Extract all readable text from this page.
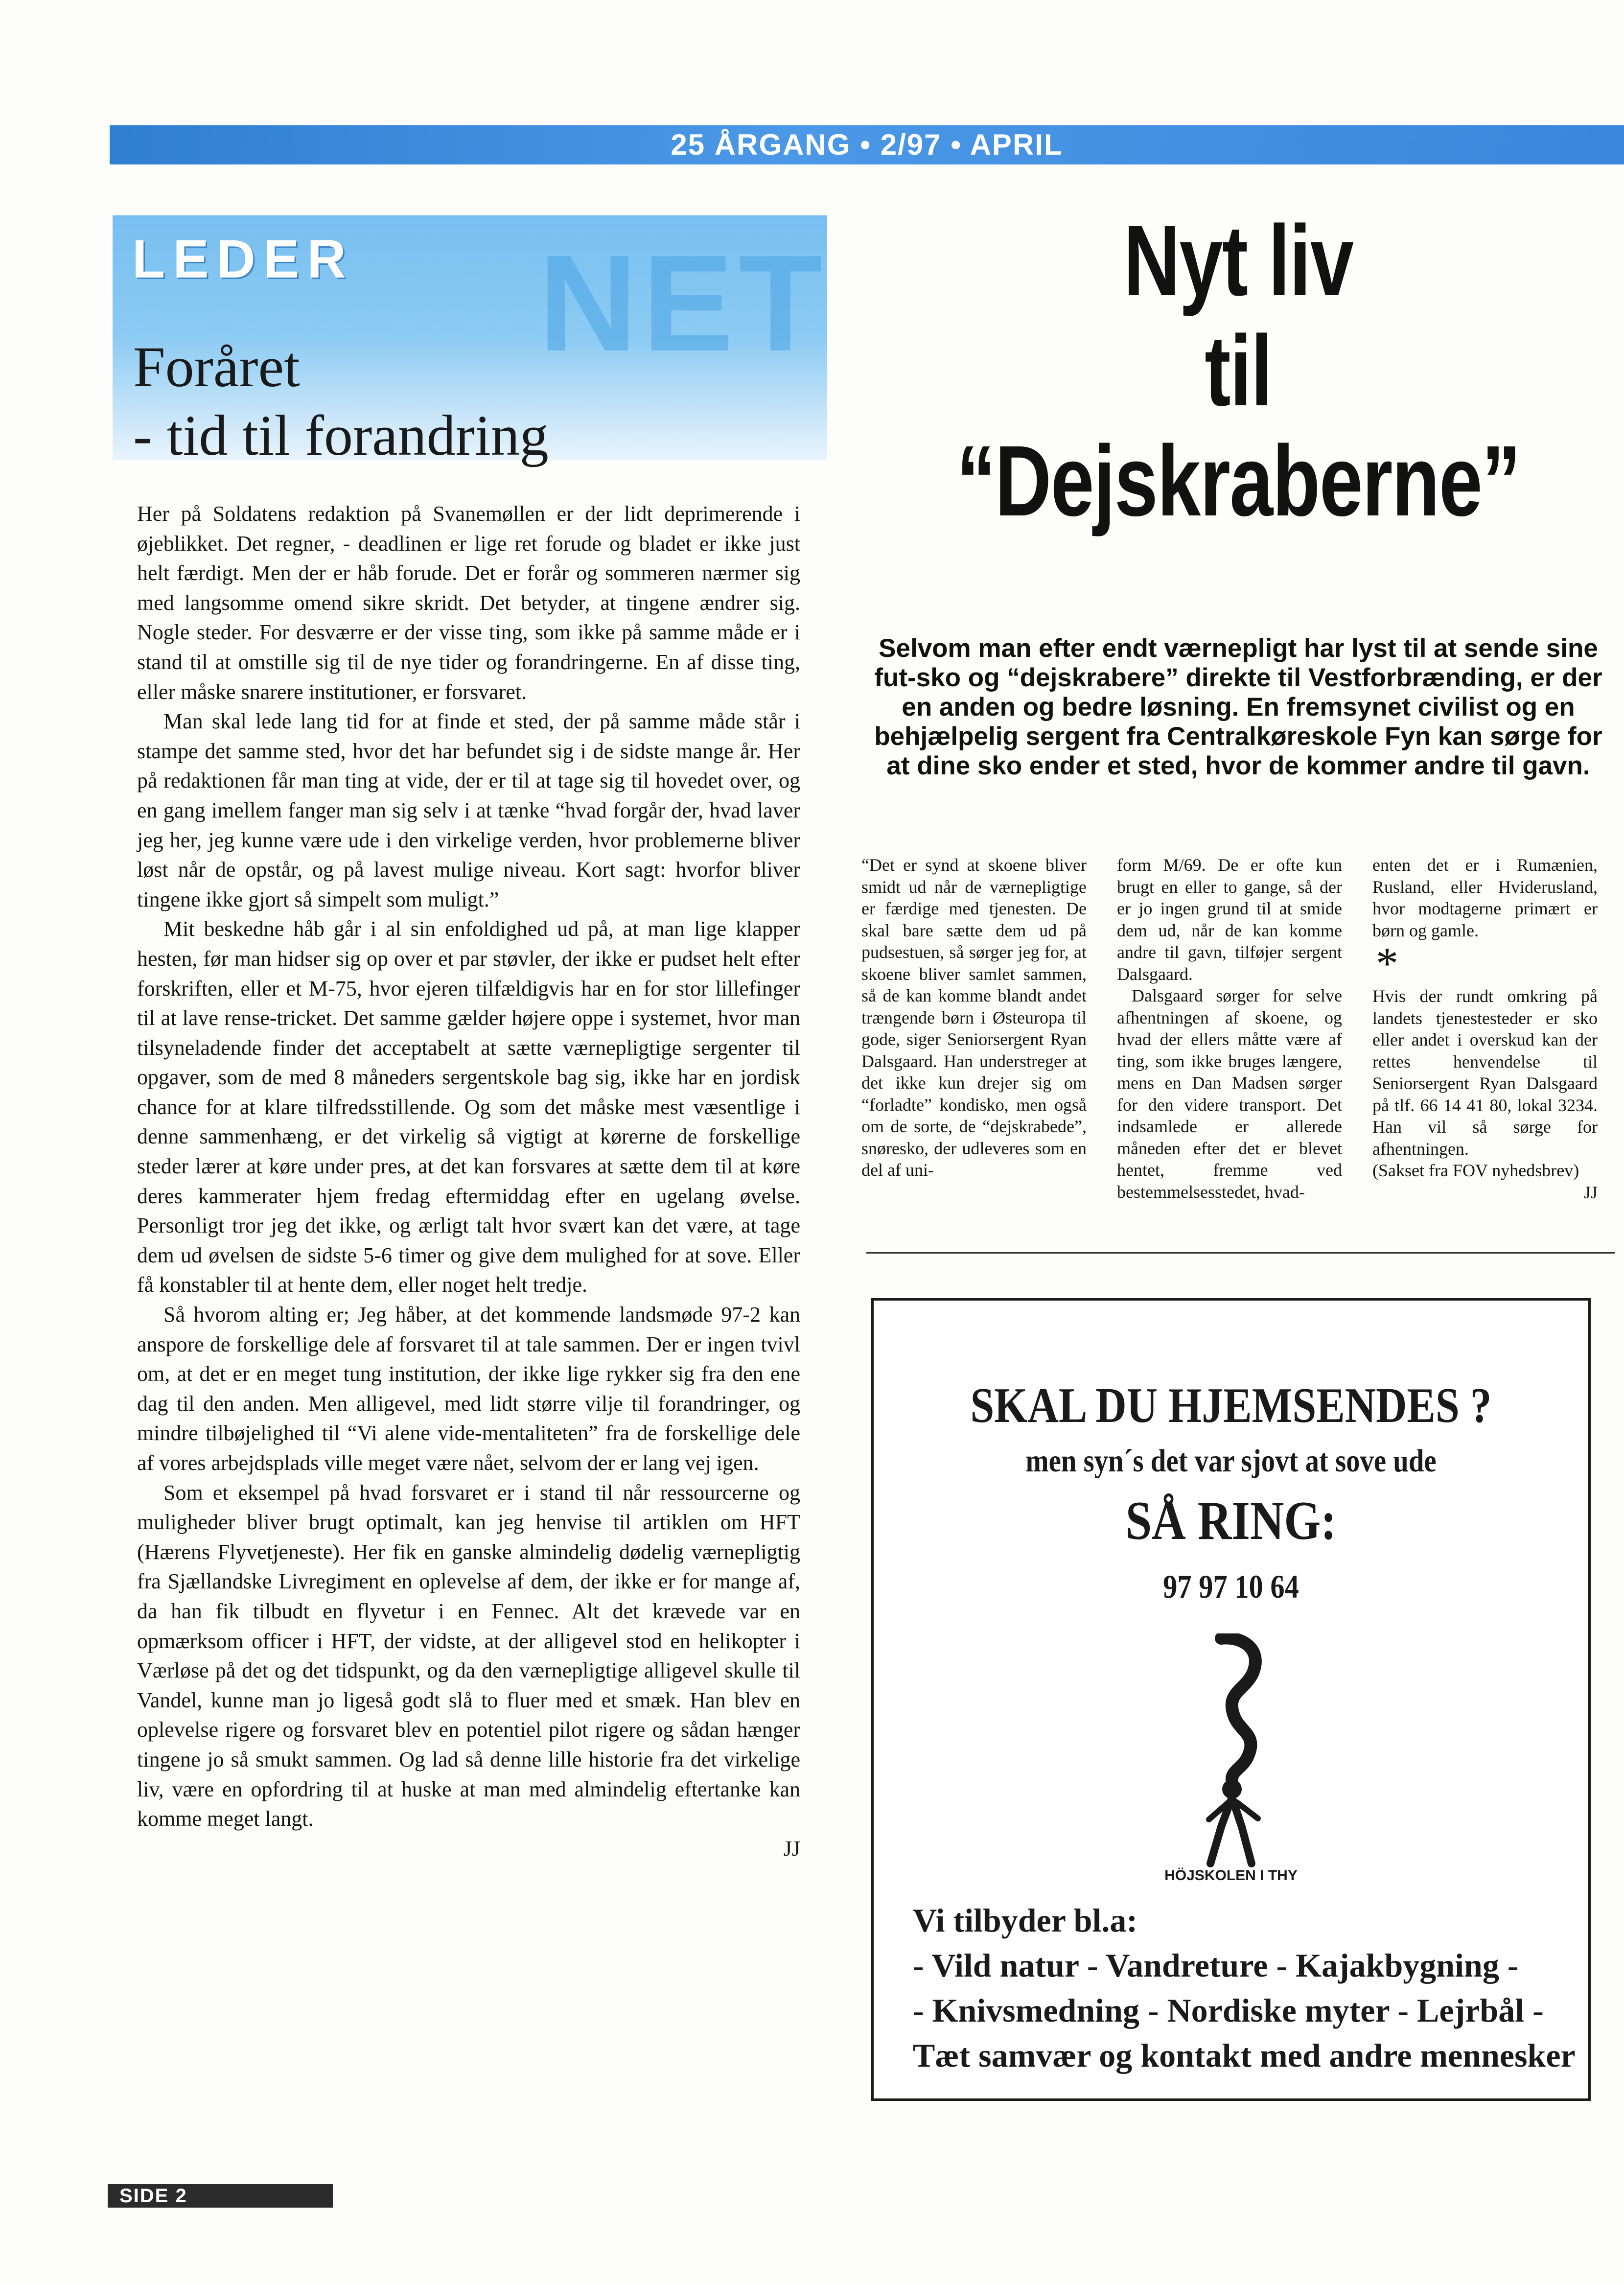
25 ÅRGANG • 2/97 • APRIL
NET
LEDER
Foråret
- tid til forandring

Her på Soldatens redaktion på Svanemøllen er der lidt deprimerende i øjeblikket. Det regner, - deadlinen er lige ret forude og bladet er ikke just helt færdigt. Men der er håb forude. Det er forår og sommeren nærmer sig med langsomme omend sikre skridt. Det betyder, at tingene ændrer sig. Nogle steder. For desværre er der visse ting, som ikke på samme måde er i stand til at omstille sig til de nye tider og forandringerne. En af disse ting, eller måske snarere institutioner, er forsvaret.

Man skal lede lang tid for at finde et sted, der på samme måde står i stampe det samme sted, hvor det har befundet sig i de sidste mange år. Her på redaktionen får man ting at vide, der er til at tage sig til hovedet over, og en gang imellem fanger man sig selv i at tænke “hvad forgår der, hvad laver jeg her, jeg kunne være ude i den virkelige verden, hvor problemerne bliver løst når de opstår, og på lavest mulige niveau. Kort sagt: hvorfor bliver tingene ikke gjort så simpelt som muligt.”

Mit beskedne håb går i al sin enfoldighed ud på, at man lige klapper hesten, før man hidser sig op over et par støvler, der ikke er pudset helt efter forskriften, eller et M-75, hvor ejeren tilfældigvis har en for stor lillefinger til at lave rense-tricket. Det samme gælder højere oppe i systemet, hvor man tilsyneladende finder det acceptabelt at sætte værnepligtige sergenter til opgaver, som de med 8 måneders sergentskole bag sig, ikke har en jordisk chance for at klare tilfredsstillende. Og som det måske mest væsentlige i denne sammenhæng, er det virkelig så vigtigt at kørerne de forskellige steder lærer at køre under pres, at det kan forsvares at sætte dem til at køre deres kammerater hjem fredag eftermiddag efter en ugelang øvelse. Personligt tror jeg det ikke, og ærligt talt hvor svært kan det være, at tage dem ud øvelsen de sidste 5-6 timer og give dem mulighed for at sove. Eller få konstabler til at hente dem, eller noget helt tredje.

Så hvorom alting er; Jeg håber, at det kommende landsmøde 97-2 kan anspore de forskellige dele af forsvaret til at tale sammen. Der er ingen tvivl om, at det er en meget tung institution, der ikke lige rykker sig fra den ene dag til den anden. Men alligevel, med lidt større vilje til forandringer, og mindre tilbøjelighed til “Vi alene vide-mentaliteten” fra de forskellige dele af vores arbejdsplads ville meget være nået, selvom der er lang vej igen.

Som et eksempel på hvad forsvaret er i stand til når ressourcerne og muligheder bliver brugt optimalt, kan jeg henvise til artiklen om HFT (Hærens Flyvetjeneste). Her fik en ganske almindelig dødelig værnepligtig fra Sjællandske Livregiment en oplevelse af dem, der ikke er for mange af, da han fik tilbudt en flyvetur i en Fennec. Alt det krævede var en opmærksom officer i HFT, der vidste, at der alligevel stod en helikopter i Værløse på det og det tidspunkt, og da den værnepligtige alligevel skulle til Vandel, kunne man jo ligeså godt slå to fluer med et smæk. Han blev en oplevelse rigere og forsvaret blev en potentiel pilot rigere og sådan hænger tingene jo så smukt sammen. Og lad så denne lille historie fra det virkelige liv, være en opfordring til at huske at man med almindelig eftertanke kan komme meget langt.

JJ
Nyt liv
til
“Dejskraberne”
Selvom man efter endt værnepligt har lyst til at sende sine fut-sko og “dejskrabere” direkte til Vestforbrænding, er der en anden og bedre løsning. En fremsynet civilist og en behjælpelig sergent fra Centralkøreskole Fyn kan sørge for at dine sko ender et sted, hvor de kommer andre til gavn.

“Det er synd at skoene bliver smidt ud når de værnepligtige er færdige med tjenesten. De skal bare sætte dem ud på pudsestuen, så sørger jeg for, at skoene bliver samlet sammen, så de kan komme blandt andet trængende børn i Østeuropa til gode, siger Seniorsergent Ryan Dalsgaard. Han understreger at det ikke kun drejer sig om “forladte” kondisko, men også om de sorte, de “dejskrabede”, snøresko, der udleveres som en del af uni-

form M/69. De er ofte kun brugt en eller to gange, så der er jo ingen grund til at smide dem ud, når de kan komme andre til gavn, tilføjer sergent Dalsgaard.

Dalsgaard sørger for selve afhentningen af skoene, og hvad der ellers måtte være af ting, som ikke bruges længere, mens en Dan Madsen sørger for den videre transport. Det indsamlede er allerede måneden efter det er blevet hentet, fremme ved bestemmelsesstedet, hvad-

enten det er i Rumænien, Rusland, eller Hviderusland, hvor modtagerne primært er børn og gamle.

*

Hvis der rundt omkring på landets tjenestesteder er sko eller andet i overskud kan der rettes henvendelse til Seniorsergent Ryan Dalsgaard på tlf. 66 14 41 80, lokal 3234. Han vil så sørge for afhentningen.

(Sakset fra FOV nyhedsbrev)
JJ
SKAL DU HJEMSENDES ?
men syn´s det var sjovt at sove ude
SÅ RING:
97 97 10 64
HÖJSKOLEN I THY
Vi tilbyder bl.a:
- Vild natur - Vandreture - Kajakbygning -
- Knivsmedning - Nordiske myter - Lejrbål -
Tæt samvær og kontakt med andre mennesker
SIDE 2
